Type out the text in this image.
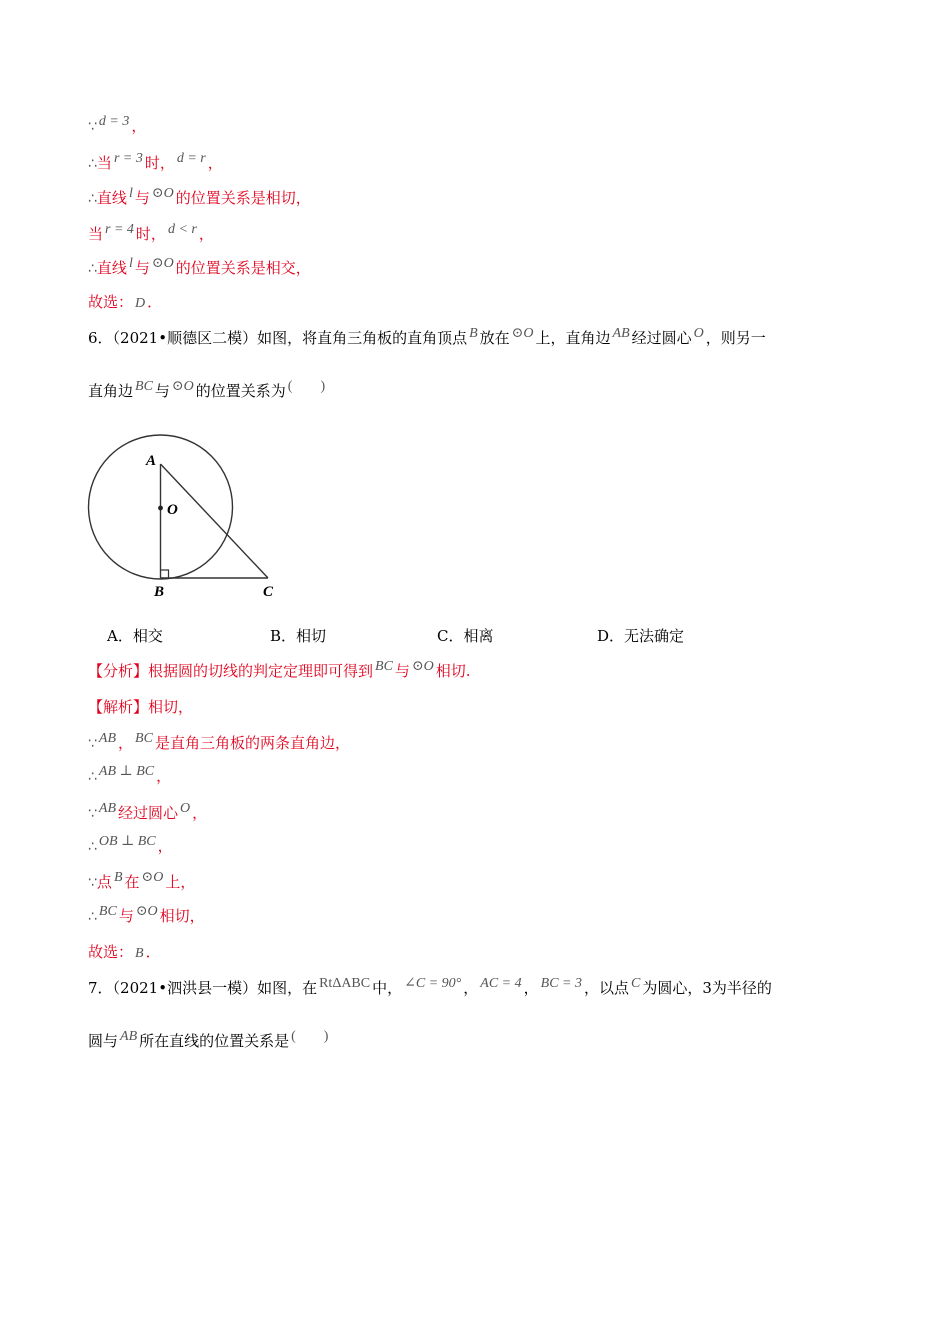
∵ d = 3 ，
∴当 r = 3 时， d = r ，
∴直线 l 与 ⊙O 的位置关系是相切，
当 r = 4 时， d < r ，
∴直线 l 与 ⊙O 的位置关系是相交，
故选： D ．
6．（2021•顺德区二模）如图，将直角三角板的直角顶点 B 放在 ⊙O 上，直角边 AB 经过圆心 O ，则另一
直角边 BC 与 ⊙O 的位置关系为 (　　)
A
O
B	C
A．相交	B．相切	C．相离	D．无法确定
【分析】根据圆的切线的判定定理即可得到 BC 与 ⊙O 相切.
【解析】相切，
∵ AB ， BC 是直角三角板的两条直角边，
∴ AB ⊥ BC ，
∵ AB 经过圆心 O ，
∴ OB ⊥ BC ，
∵点 B 在 ⊙O 上，
∴ BC 与 ⊙O 相切，
故选： B ．
7．（2021•泗洪县一模）如图，在 RtΔABC 中， ∠C = 90° ， AC = 4 ， BC = 3 ，以点 C 为圆心，3为半径的
圆与 AB 所在直线的位置关系是 (　　)
